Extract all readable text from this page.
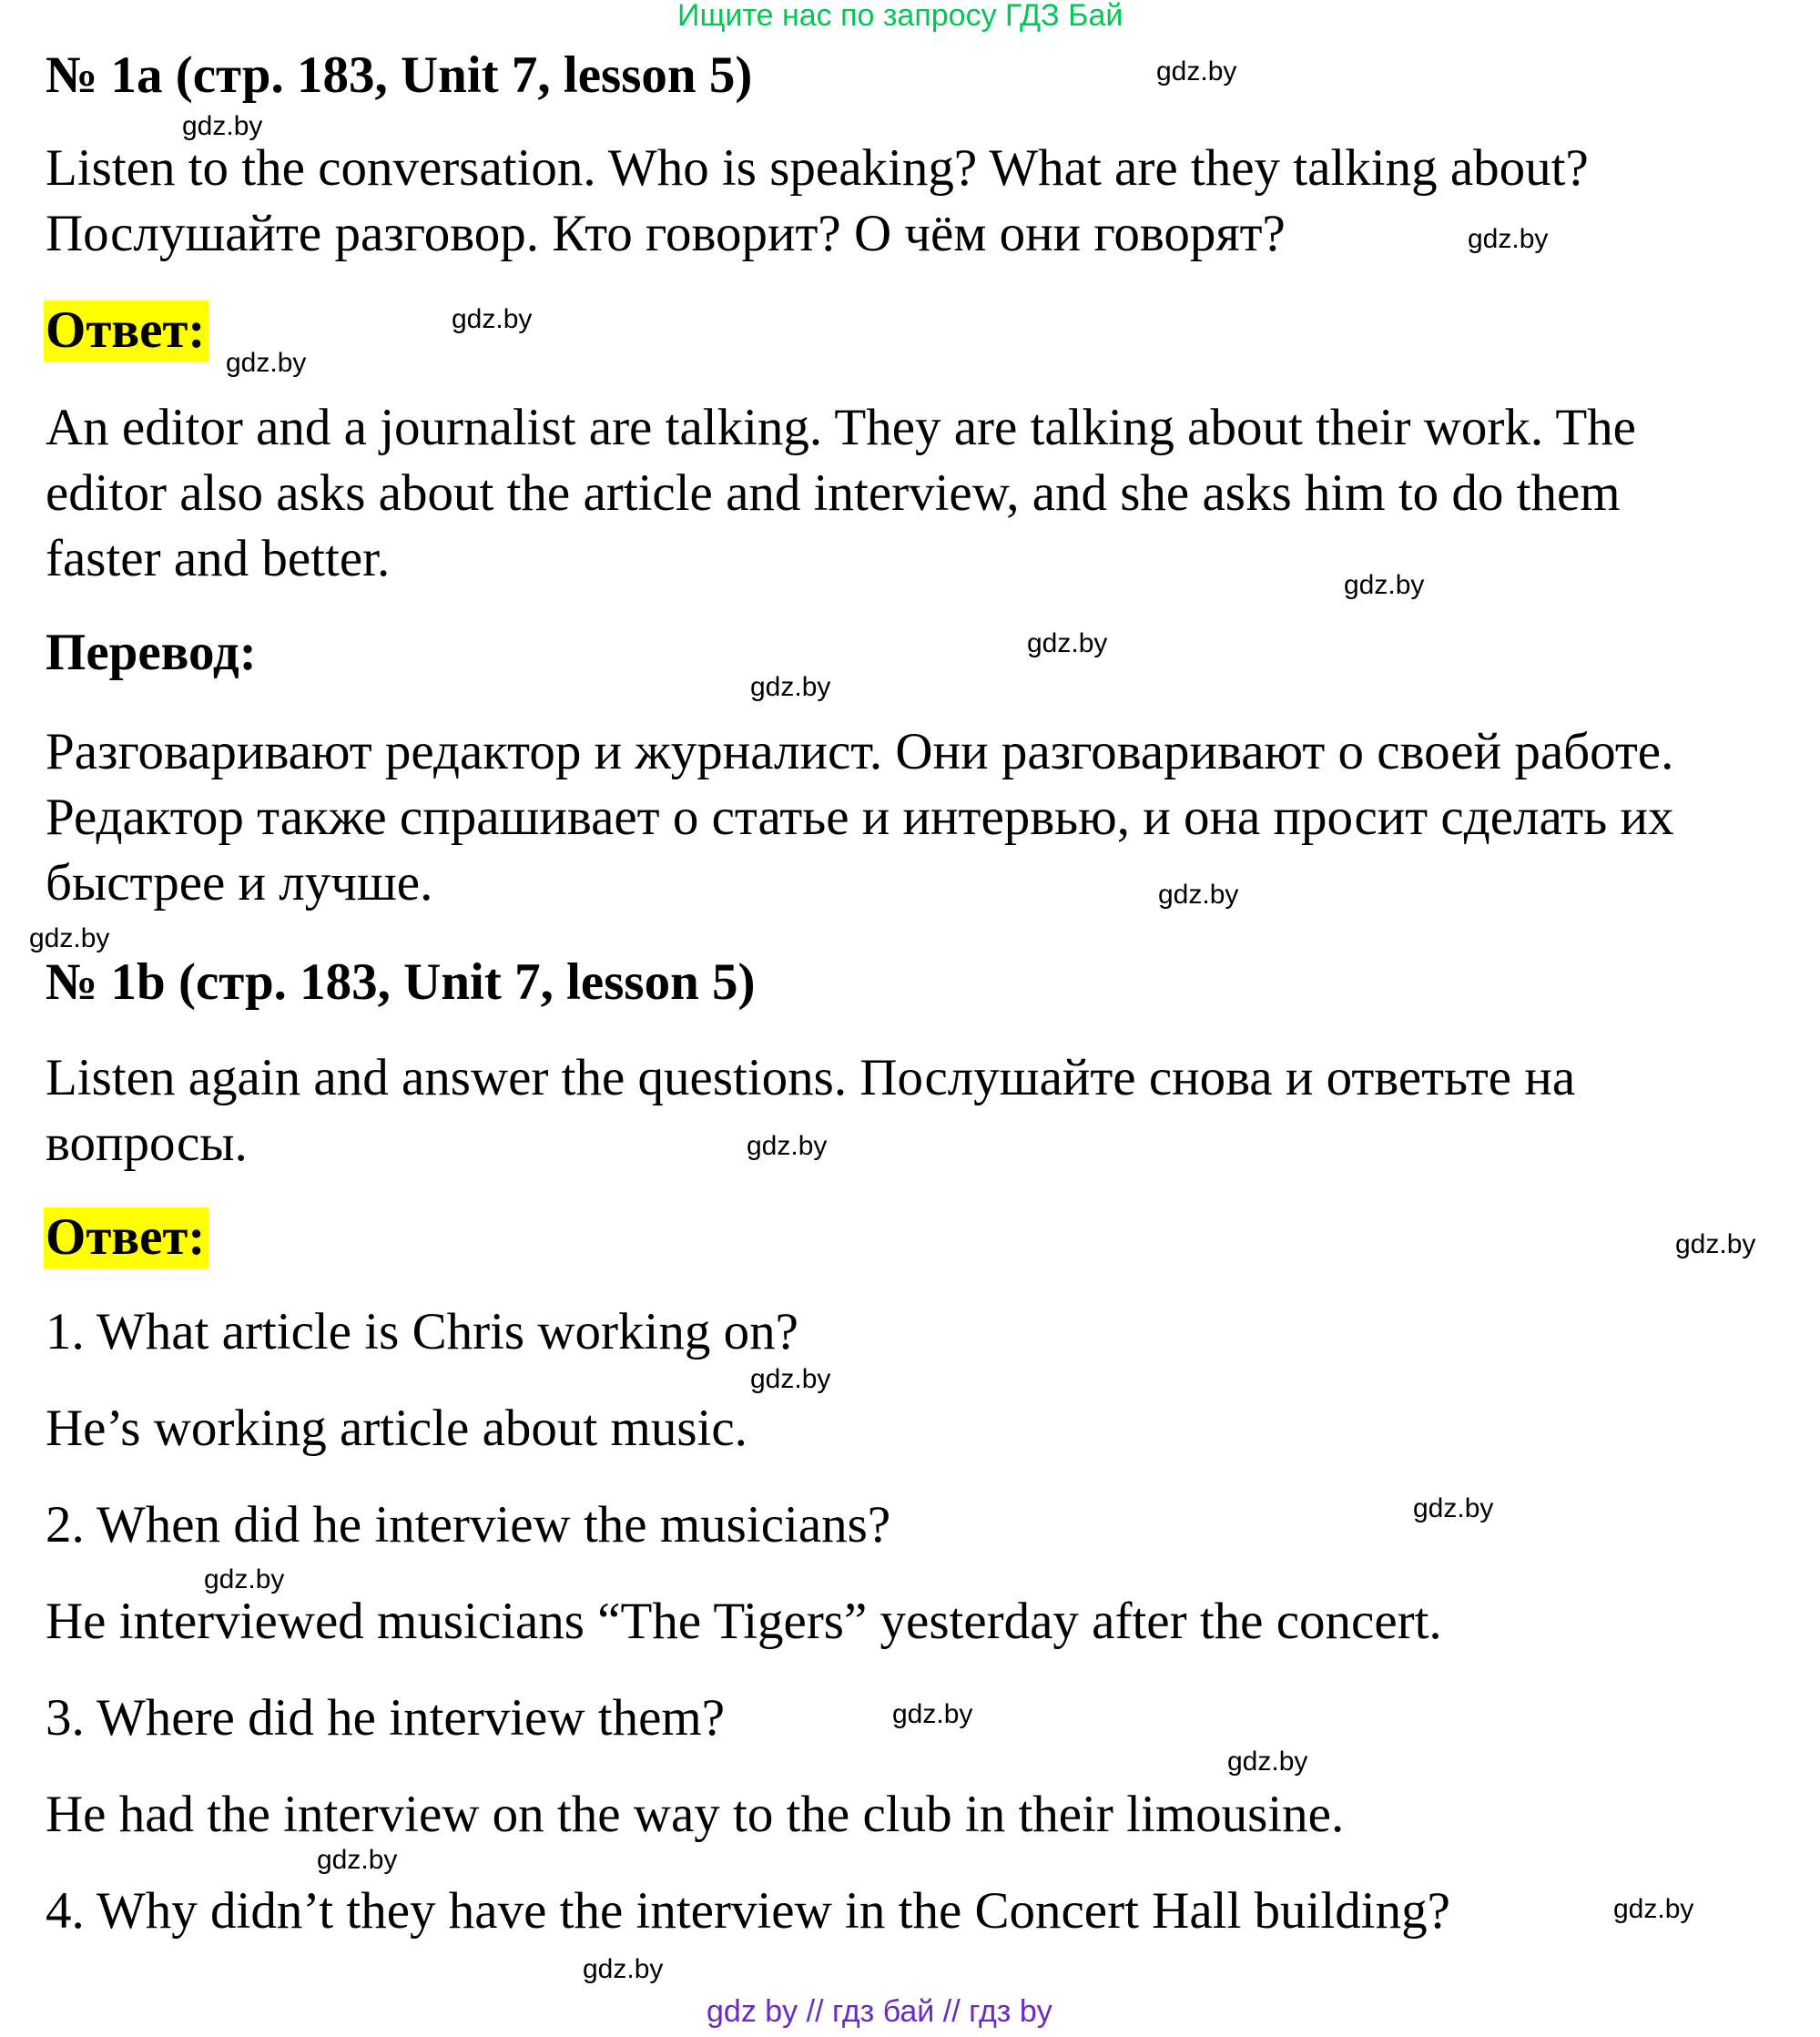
Ищите нас по запросу ГДЗ Бай
№ 1a (стр. 183, Unit 7, lesson 5)
Listen to the conversation. Who is speaking? What are they talking about?
Послушайте разговор. Кто говорит? О чём они говорят?
Ответ:

An editor and a journalist are talking. They are talking about their work. The editor also asks about the article and interview, and she asks him to do them faster and better.

Перевод:

Разговаривают редактор и журналист. Они разговаривают о своей работе. Редактор также спрашивает о статье и интервью, и она просит сделать их быстрее и лучше.

№ 1b (стр. 183, Unit 7, lesson 5)

Listen again and answer the questions. Послушайте снова и ответьте на вопросы.

Ответ:
1. What article is Chris working on?
He’s working article about music.
2. When did he interview the musicians?
He interviewed musicians “The Tigers” yesterday after the concert.
3. Where did he interview them?
He had the interview on the way to the club in their limousine.
4. Why didn’t they have the interview in the Concert Hall building?
gdz.by
gdz.by
gdz.by
gdz.by
gdz.by
gdz.by
gdz.by
gdz.by
gdz.by
gdz.by
gdz.by
gdz.by
gdz.by
gdz.by
gdz.by
gdz.by
gdz.by
gdz.by
gdz.by
gdz.by
gdz by // гдз бай // гдз by
